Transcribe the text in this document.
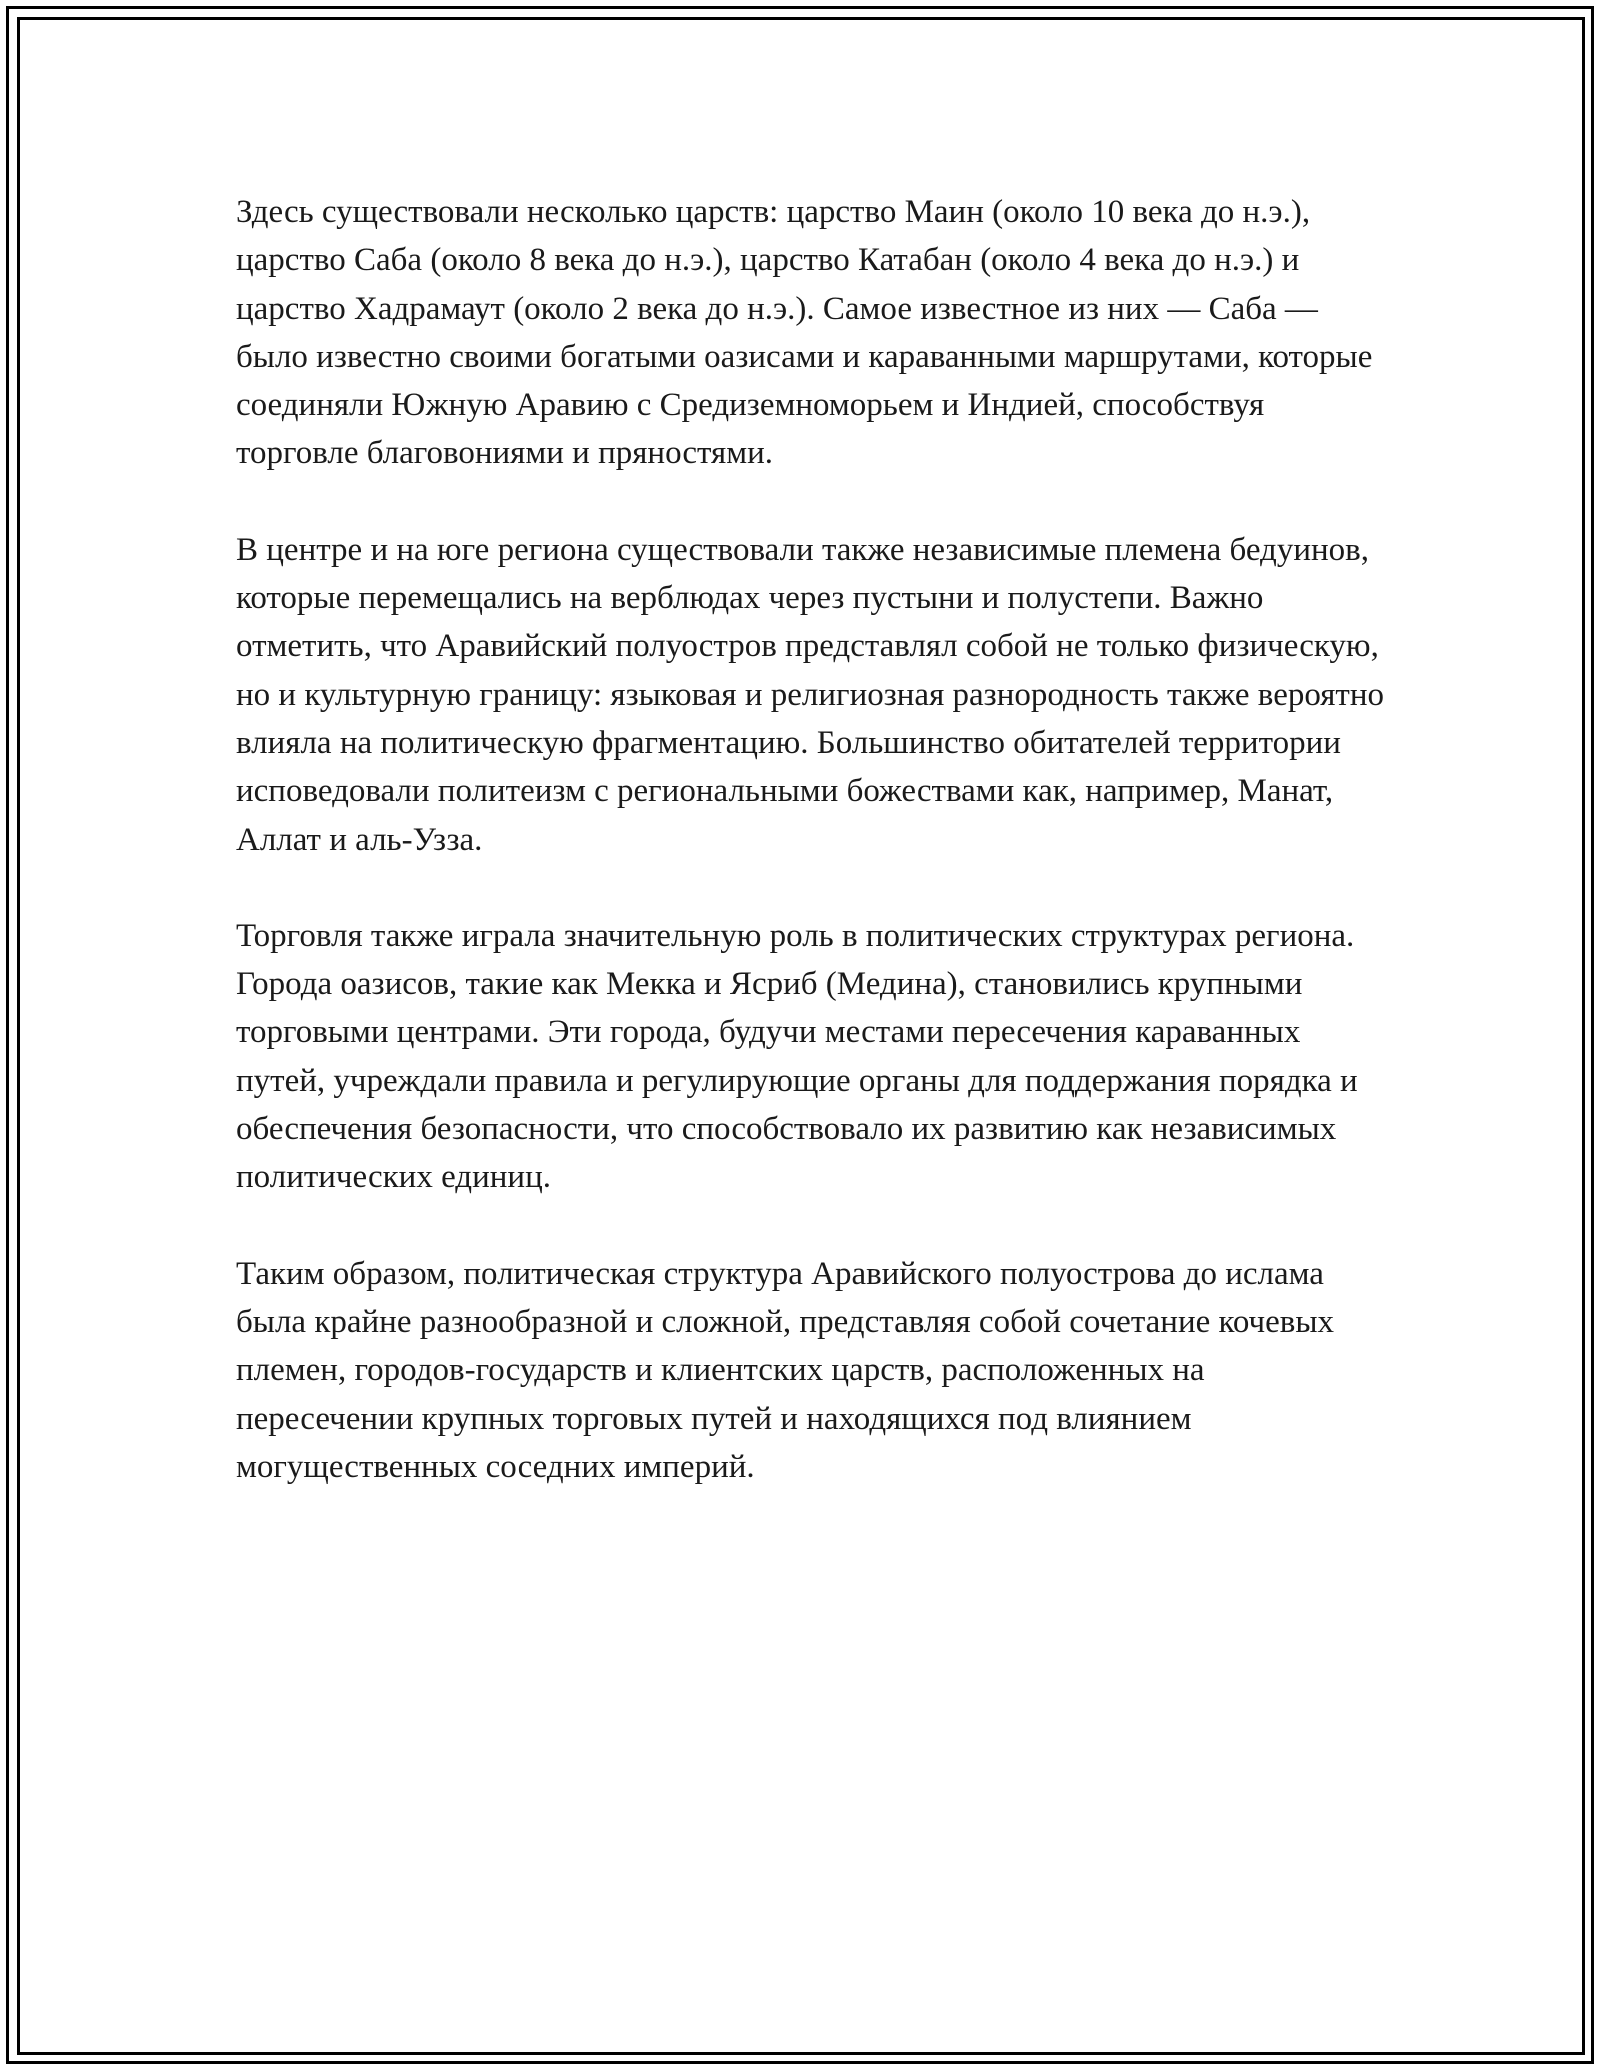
Здесь существовали несколько царств: царство Маин (около 10 века до н.э.), царство Саба (около 8 века до н.э.), царство Катабан (около 4 века до н.э.) и царство Хадрамаут (около 2 века до н.э.). Самое известное из них — Саба — было известно своими богатыми оазисами и караванными маршрутами, которые соединяли Южную Аравию с Средиземноморьем и Индией, способствуя торговле благовониями и пряностями.

В центре и на юге региона существовали также независимые племена бедуинов, которые перемещались на верблюдах через пустыни и полустепи. Важно отметить, что Аравийский полуостров представлял собой не только физическую, но и культурную границу: языковая и религиозная разнородность также вероятно влияла на политическую фрагментацию. Большинство обитателей территории исповедовали политеизм с региональными божествами как, например, Манат, Аллат и аль-Узза.

Торговля также играла значительную роль в политических структурах региона. Города оазисов, такие как Мекка и Ясриб (Медина), становились крупными торговыми центрами. Эти города, будучи местами пересечения караванных путей, учреждали правила и регулирующие органы для поддержания порядка и обеспечения безопасности, что способствовало их развитию как независимых политических единиц.

Таким образом, политическая структура Аравийского полуострова до ислама была крайне разнообразной и сложной, представляя собой сочетание кочевых племен, городов-государств и клиентских царств, расположенных на пересечении крупных торговых путей и находящихся под влиянием могущественных соседних империй.
